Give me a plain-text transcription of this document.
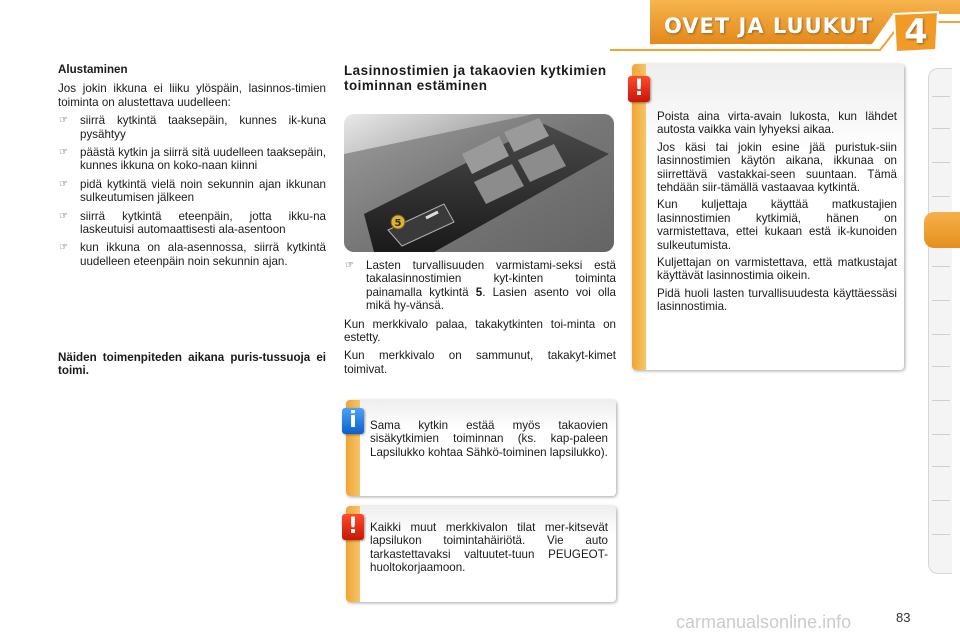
OVET JA LUUKUT 4
Alustaminen
Jos jokin ikkuna ei liiku ylöspäin, lasinnos-timien toiminta on alustettava uudelleen:
☞ siirrä kytkintä taaksepäin, kunnes ik-kuna pysähtyy
☞ päästä kytkin ja siirrä sitä uudelleen taaksepäin, kunnes ikkuna on koko-naan kiinni
☞ pidä kytkintä vielä noin sekunnin ajan ikkunan sulkeutumisen jälkeen
☞ siirrä kytkintä eteenpäin, jotta ikku-na laskeutuisi automaattisesti ala-asentoon
☞ kun ikkuna on ala-asennossa, siirrä kytkintä uudelleen eteenpäin noin sekunnin ajan.
Näiden toimenpiteden aikana puris-tussuoja ei toimi.
Lasinnostimien ja takaovien kytkimien toiminnan estäminen
5
☞ Lasten turvallisuuden varmistami-seksi estä takalasinnostimien kyt-kinten toiminta painamalla kytkintä 5. Lasien asento voi olla mikä hy-vänsä.
Kun merkkivalo palaa, takakytkinten toi-minta on estetty.
Kun merkkivalo on sammunut, takakyt-kimet toimivat.
i	Sama kytkin estää myös takaovien sisäkytkimien toiminnan (ks. kap-paleen Lapsilukko kohtaa Sähkö-toiminen lapsilukko).
!	Kaikki muut merkkivalon tilat mer-kitsevät lapsilukon toimintahäiriötä. Vie auto tarkastettavaksi valtuutet-tuun PEUGEOT-huoltokorjaamoon.
!

Poista aina virta-avain lukosta, kun lähdet autosta vaikka vain lyhyeksi aikaa.

Jos käsi tai jokin esine jää puristuk-siin lasinnostimien käytön aikana, ikkunaa on siirrettävä vastakkai-seen suuntaan. Tämä tehdään siir-tämällä vastaavaa kytkintä.

Kun kuljettaja käyttää matkustajien lasinnostimien kytkimiä, hänen on varmistettava, ettei kukaan estä ik-kunoiden sulkeutumista.

Kuljettajan on varmistettava, että matkustajat käyttävät lasinnostimia oikein.

Pidä huoli lasten turvallisuudesta käyttäessäsi lasinnostimia.

carmanualsonline.info	83
